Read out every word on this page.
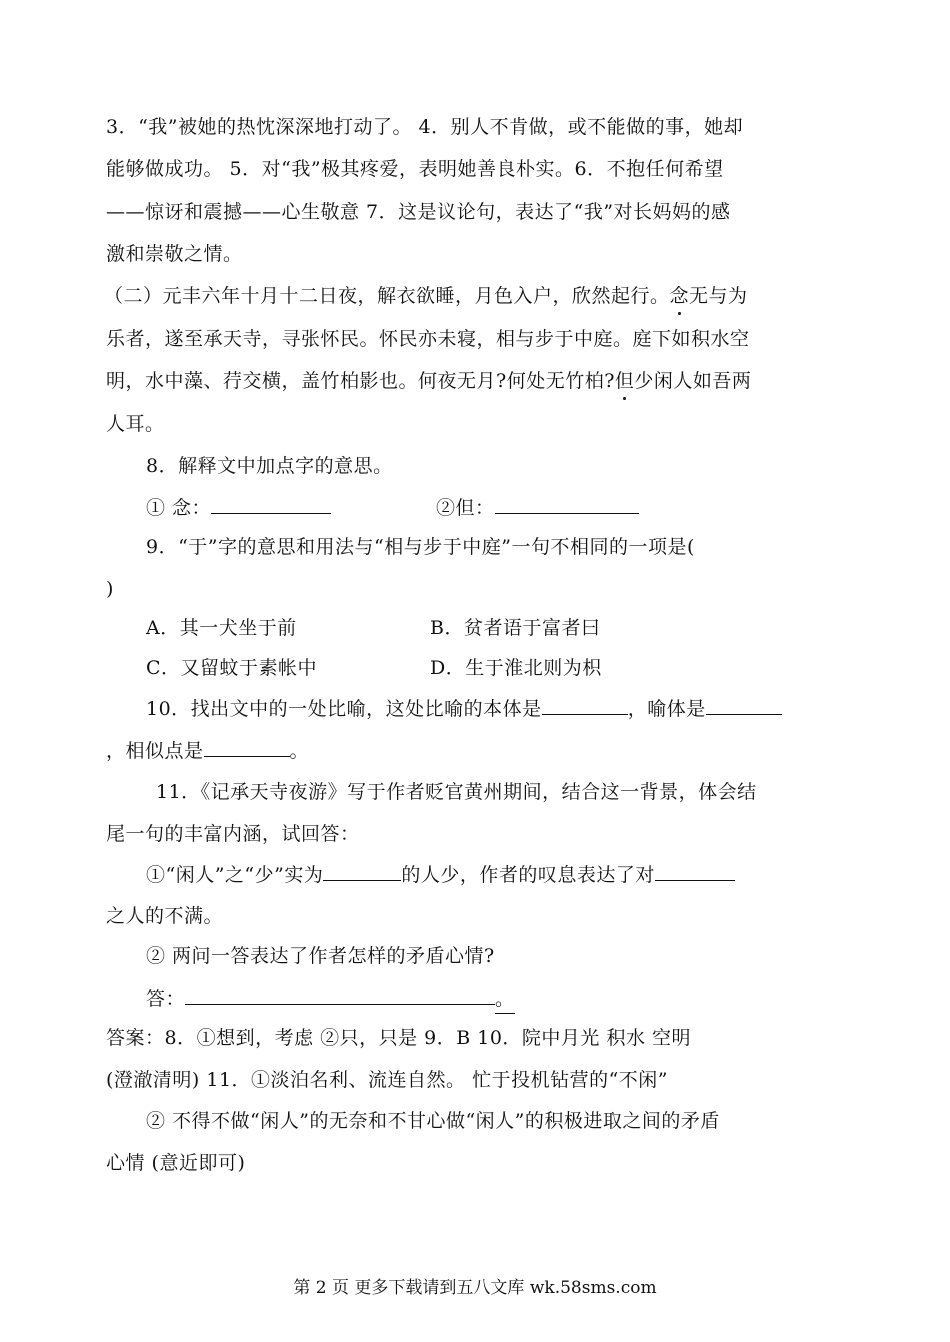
3．“我”被她的热忱深深地打动了。 4．别人不肯做，或不能做的事，她却
能够做成功。 5．对“我”极其疼爱，表明她善良朴实。6．不抱任何希望
——惊讶和震撼——心生敬意 7．这是议论句，表达了“我”对长妈妈的感
激和崇敬之情。
（二）元丰六年十月十二日夜，解衣欲睡，月色入户，欣然起行。念无与为
乐者，遂至承天寺，寻张怀民。怀民亦未寝，相与步于中庭。庭下如积水空
明，水中藻、荇交横，盖竹柏影也。何夜无月?何处无竹柏?但少闲人如吾两
人耳。
8．解释文中加点字的意思。
① 念：	②但：
9．“于”字的意思和用法与“相与步于中庭”一句不相同的一项是(
)
A．其一犬坐于前	B．贫者语于富者曰
C．又留蚊于素帐中	D．生于淮北则为枳
10．找出文中的一处比喻，这处比喻的本体是	，喻体是
，相似点是	。
11．《记承天寺夜游》写于作者贬官黄州期间，结合这一背景，体会结
尾一句的丰富内涵，试回答：
①“闲人”之“少”实为	的人少，作者的叹息表达了对
之人的不满。
② 两问一答表达了作者怎样的矛盾心情?
答：	。
答案：8．①想到，考虑 ②只，只是 9．B 10．院中月光 积水 空明
(澄澈清明) 11．①淡泊名利、流连自然。 忙于投机钻营的“不闲”
② 不得不做“闲人”的无奈和不甘心做“闲人”的积极进取之间的矛盾
心情 (意近即可)
第 2 页 更多下载请到五八文库 wk.58sms.com
